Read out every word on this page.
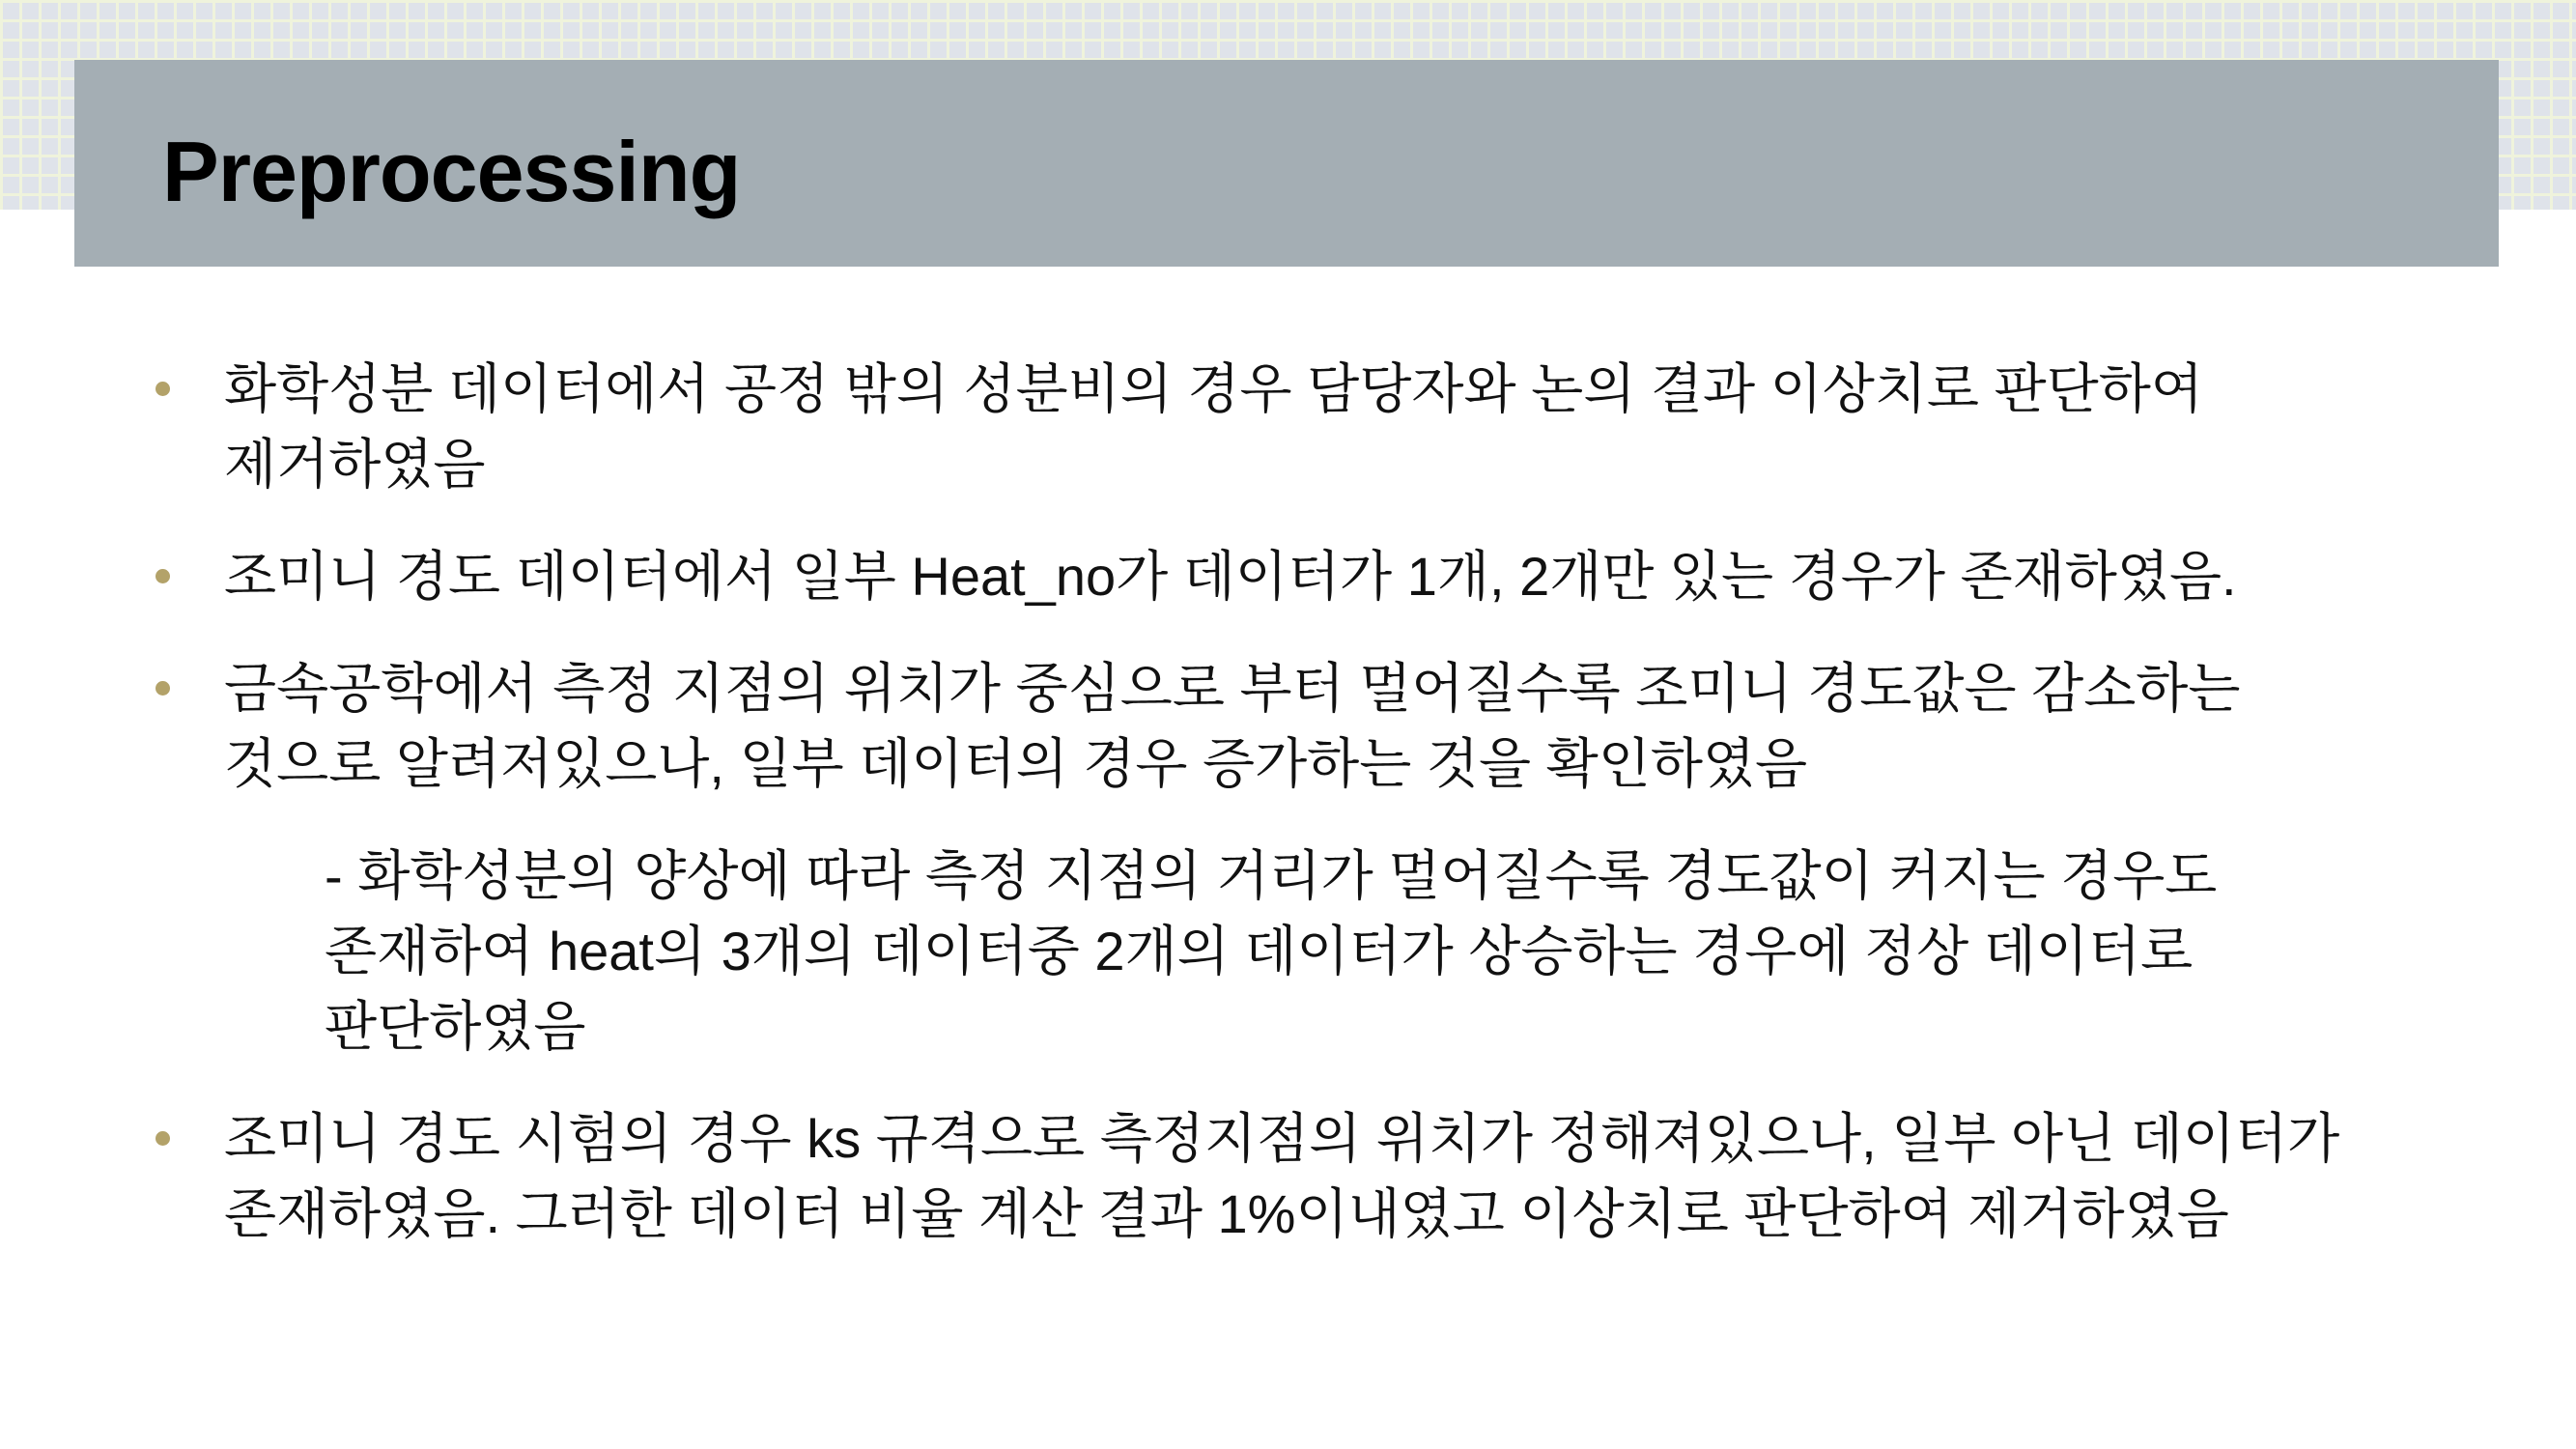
Preprocessing
화학성분 데이터에서 공정 밖의 성분비의 경우 담당자와 논의 결과 이상치로 판단하여
제거하였음
조미니 경도 데이터에서 일부 Heat_no가 데이터가 1개, 2개만 있는 경우가 존재하였음.
금속공학에서 측정 지점의 위치가 중심으로 부터 멀어질수록 조미니 경도값은 감소하는
것으로 알려저있으나, 일부 데이터의 경우 증가하는 것을 확인하였음
- 화학성분의 양상에 따라 측정 지점의 거리가 멀어질수록 경도값이 커지는 경우도
존재하여 heat의 3개의 데이터중 2개의 데이터가 상승하는 경우에 정상 데이터로
판단하였음
조미니 경도 시험의 경우 ks 규격으로 측정지점의 위치가 정해져있으나, 일부 아닌 데이터가
존재하였음. 그러한 데이터 비율 계산 결과 1%이내였고 이상치로 판단하여 제거하였음
